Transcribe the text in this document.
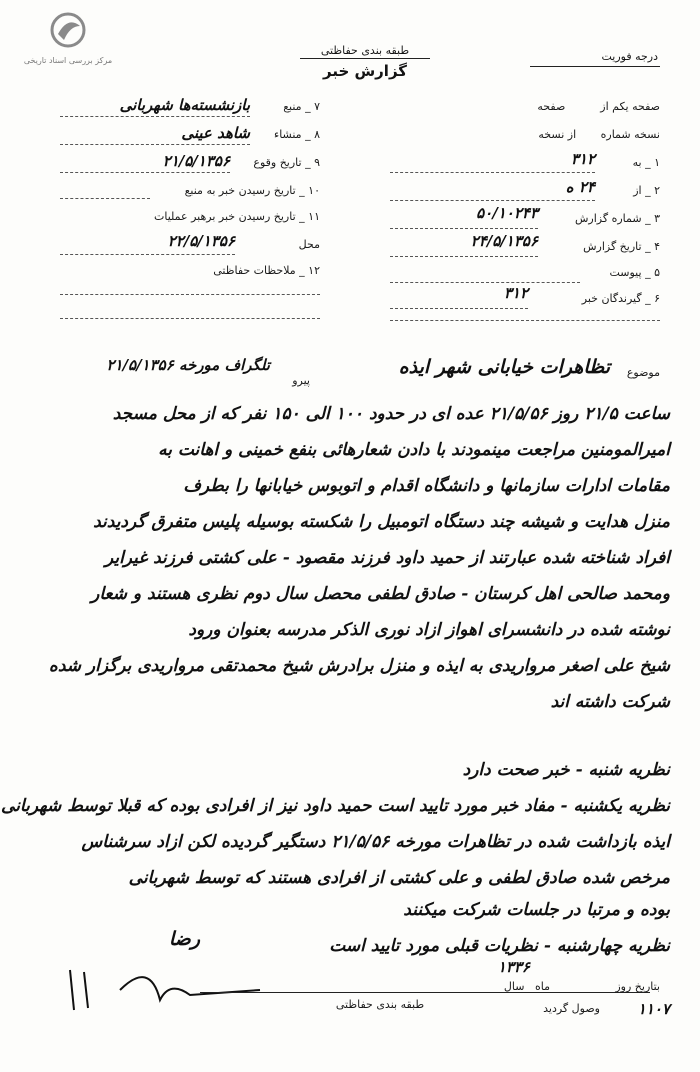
مرکز بررسی اسناد تاریخی
طبقه بندی حفاظتی
گزارش خبر
درجه فوریت
۷ _ منبع
بازنشسته‌ها شهربانی
۸ _ منشاء
شاهد عینی
۹ _ تاریخ وقوع
۲۱/۵/۱۳۵۶
۱۰ _ تاریخ رسیدن خبر به منبع
۱۱ _ تاریخ رسیدن خبر برهبر عملیات
محل
۲۲/۵/۱۳۵۶
۱۲ _ ملاحظات حفاظتی
صفحه یکم از          صفحه
نسخه شماره       از نسخه
۱ _ به
۳۱۲
۲ _ از
۲۴ ه
۳ _ شماره گزارش
۵۰/۱۰۲۴۳
۴ _ تاریخ گزارش
۲۴/۵/۱۳۵۶
۵ _ پیوست
۶ _ گیرندگان خبر
۳۱۲
موضوع
تظاهرات خیابانی شهر ایذه
پیرو
تلگراف مورخه ۲۱/۵/۱۳۵۶
ساعت ۲۱/۵ روز ۲۱/۵/۵۶ عده ای در حدود ۱۰۰ الی ۱۵۰ نفر که از محل مسجد
امیرالمومنین مراجعت مینمودند با دادن شعارهائی بنفع خمینی و اهانت به
مقامات ادارات سازمانها و دانشگاه اقدام و اتوبوس خیابانها را بطرف
منزل هدایت و شیشه چند دستگاه اتومبیل را شکسته بوسیله پلیس متفرق گردیدند
افراد شناخته شده عبارتند از حمید داود فرزند مقصود - علی کشتی فرزند غیرایر
ومحمد صالحی اهل کرستان - صادق لطفی محصل سال دوم نظری هستند و شعار
نوشته شده در دانشسرای اهواز ازاد نوری الذکر مدرسه بعنوان ورود
شیخ علی اصغر مرواریدی به ایذه و منزل برادرش شیخ محمدتقی مرواریدی برگزار شده
شرکت داشته اند
نظریه شنبه - خبر صحت دارد
نظریه یکشنبه - مفاد خبر مورد تایید است حمید داود نیز از افرادی بوده که قبلا توسط شهربانی
ایذه بازداشت شده در تظاهرات مورخه ۲۱/۵/۵۶ دستگیر گردیده لکن ازاد سرشناس
مرخص شده صادق لطفی و علی کشتی از افرادی هستند که توسط شهربانی
بوده و مرتبا در جلسات شرکت میکنند
نظریه چهارشنبه - نظریات قبلی مورد تایید است
رضا
طبقه بندی حفاظتی
۱۳۳۶
بتاریخ روز
ماه   سال
وصول گردید	۱۱۰۷
